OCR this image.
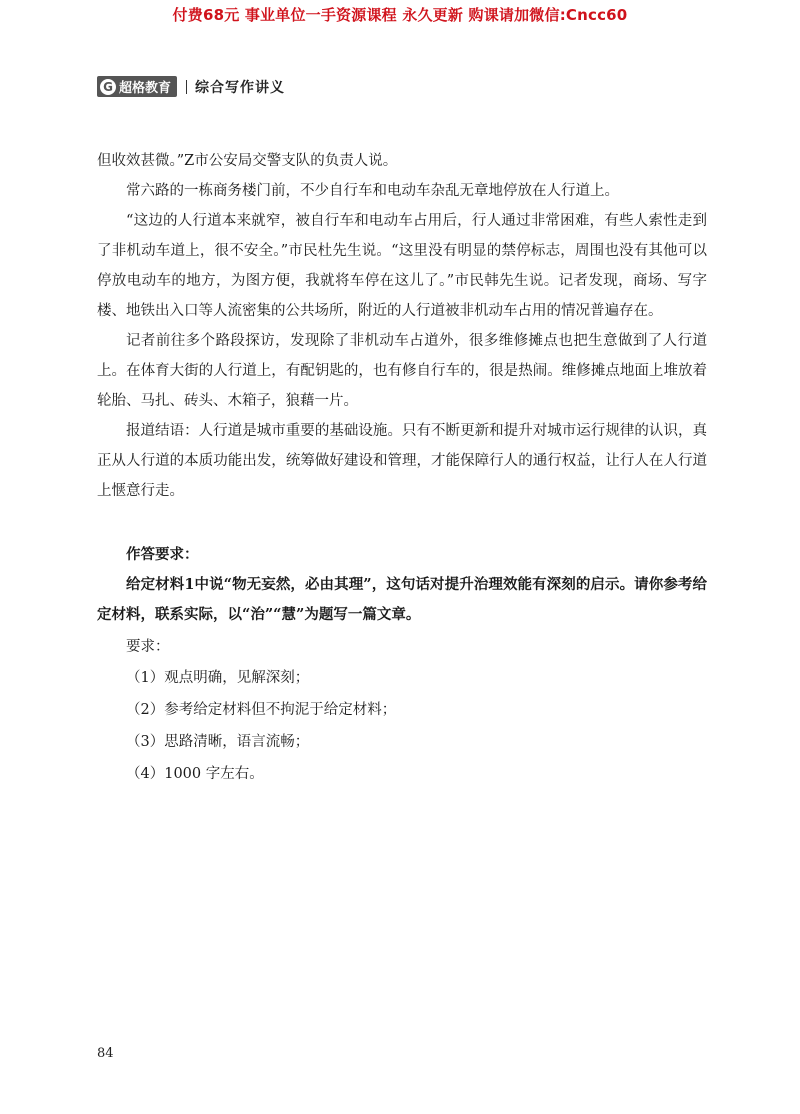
付费68元 事业单位一手资源课程 永久更新 购课请加微信:Cncc60
G 超格教育 综合写作讲义

但收效甚微。”Z市公安局交警支队的负责人说。

常六路的一栋商务楼门前，不少自行车和电动车杂乱无章地停放在人行道上。

“这边的人行道本来就窄，被自行车和电动车占用后，行人通过非常困难，有些人索性走到了非机动车道上，很不安全。”市民杜先生说。“这里没有明显的禁停标志，周围也没有其他可以停放电动车的地方，为图方便，我就将车停在这儿了。”市民韩先生说。记者发现，商场、写字楼、地铁出入口等人流密集的公共场所，附近的人行道被非机动车占用的情况普遍存在。

记者前往多个路段探访，发现除了非机动车占道外，很多维修摊点也把生意做到了人行道上。在体育大街的人行道上，有配钥匙的，也有修自行车的，很是热闹。维修摊点地面上堆放着轮胎、马扎、砖头、木箱子，狼藉一片。

报道结语：人行道是城市重要的基础设施。只有不断更新和提升对城市运行规律的认识，真正从人行道的本质功能出发，统筹做好建设和管理，才能保障行人的通行权益，让行人在人行道上惬意行走。

作答要求：

给定材料1中说“物无妄然，必由其理”，这句话对提升治理效能有深刻的启示。请你参考给定材料，联系实际，以“治”“慧”为题写一篇文章。

要求：

（1）观点明确，见解深刻；

（2）参考给定材料但不拘泥于给定材料；

（3）思路清晰，语言流畅；

（4）1000 字左右。

84
